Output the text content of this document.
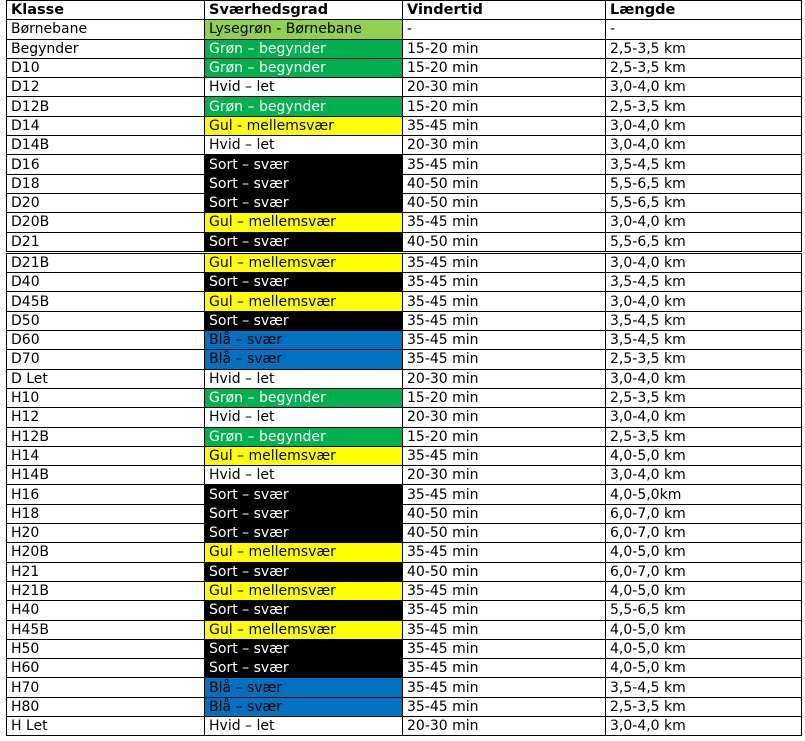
Klasse	Sværhedsgrad	Vindertid	Længde
Børnebane	Lysegrøn - Børnebane	-	-
Begynder	Grøn – begynder	15-20 min	2,5-3,5 km
D10	Grøn – begynder	15-20 min	2,5-3,5 km
D12	Hvid – let	20-30 min	3,0-4,0 km
D12B	Grøn – begynder	15-20 min	2,5-3,5 km
D14	Gul - mellemsvær	35-45 min	3,0-4,0 km
D14B	Hvid – let	20-30 min	3,0-4,0 km
D16	Sort – svær	35-45 min	3,5-4,5 km
D18	Sort – svær	40-50 min	5,5-6,5 km
D20	Sort – svær	40-50 min	5,5-6,5 km
D20B	Gul – mellemsvær	35-45 min	3,0-4,0 km
D21	Sort – svær	40-50 min	5,5-6,5 km
D21B	Gul – mellemsvær	35-45 min	3,0-4,0 km
D40	Sort – svær	35-45 min	3,5-4,5 km
D45B	Gul – mellemsvær	35-45 min	3,0-4,0 km
D50	Sort – svær	35-45 min	3,5-4,5 km
D60	Blå – svær	35-45 min	3,5-4,5 km
D70	Blå – svær	35-45 min	2,5-3,5 km
D Let	Hvid – let	20-30 min	3,0-4,0 km
H10	Grøn – begynder	15-20 min	2,5-3,5 km
H12	Hvid – let	20-30 min	3,0-4,0 km
H12B	Grøn – begynder	15-20 min	2,5-3,5 km
H14	Gul – mellemsvær	35-45 min	4,0-5,0 km
H14B	Hvid – let	20-30 min	3,0-4,0 km
H16	Sort – svær	35-45 min	4,0-5,0km
H18	Sort – svær	40-50 min	6,0-7,0 km
H20	Sort – svær	40-50 min	6,0-7,0 km
H20B	Gul – mellemsvær	35-45 min	4,0-5,0 km
H21	Sort – svær	40-50 min	6,0-7,0 km
H21B	Gul – mellemsvær	35-45 min	4,0-5,0 km
H40	Sort – svær	35-45 min	5,5-6,5 km
H45B	Gul – mellemsvær	35-45 min	4,0-5,0 km
H50	Sort – svær	35-45 min	4,0-5,0 km
H60	Sort – svær	35-45 min	4,0-5,0 km
H70	Blå – svær	35-45 min	3,5-4,5 km
H80	Blå – svær	35-45 min	2,5-3,5 km
H Let	Hvid – let	20-30 min	3,0-4,0 km
